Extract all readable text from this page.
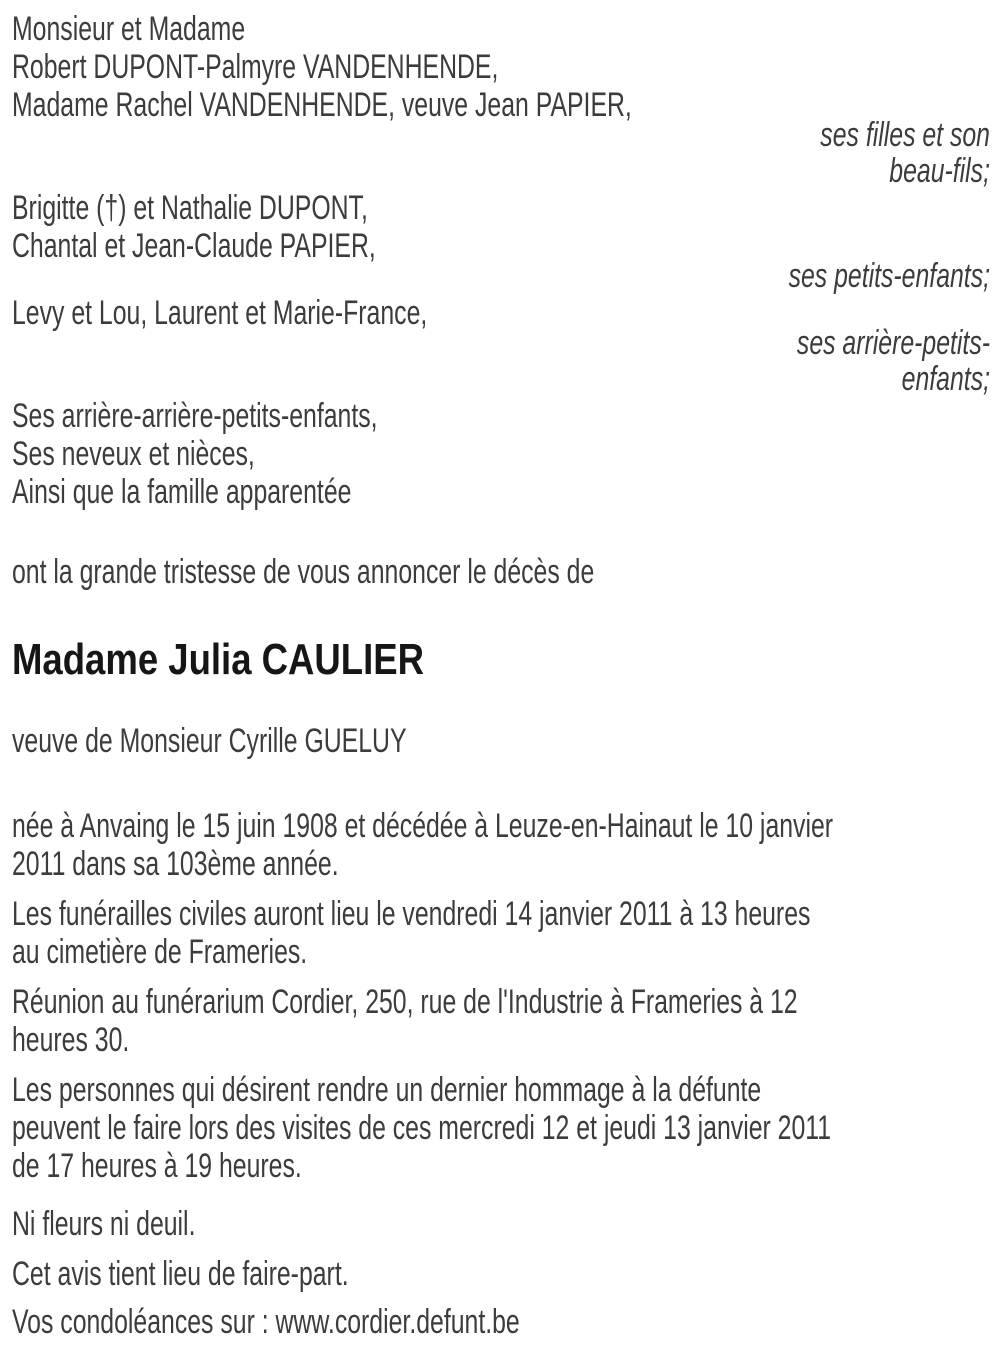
Monsieur et Madame
Robert DUPONT-Palmyre VANDENHENDE,
Madame Rachel VANDENHENDE, veuve Jean PAPIER,
ses filles et son
beau-fils;
Brigitte (†) et Nathalie DUPONT,
Chantal et Jean-Claude PAPIER,
ses petits-enfants;
Levy et Lou, Laurent et Marie-France,
ses arrière-petits-
enfants;
Ses arrière-arrière-petits-enfants,
Ses neveux et nièces,
Ainsi que la famille apparentée
ont la grande tristesse de vous annoncer le décès de
Madame Julia CAULIER
veuve de Monsieur Cyrille GUELUY
née à Anvaing le 15 juin 1908 et décédée à Leuze-en-Hainaut le 10 janvier
2011 dans sa 103ème année.
Les funérailles civiles auront lieu le vendredi 14 janvier 2011 à 13 heures
au cimetière de Frameries.
Réunion au funérarium Cordier, 250, rue de l'Industrie à Frameries à 12
heures 30.
Les personnes qui désirent rendre un dernier hommage à la défunte
peuvent le faire lors des visites de ces mercredi 12 et jeudi 13 janvier 2011
de 17 heures à 19 heures.
Ni fleurs ni deuil.
Cet avis tient lieu de faire-part.
Vos condoléances sur : www.cordier.defunt.be
